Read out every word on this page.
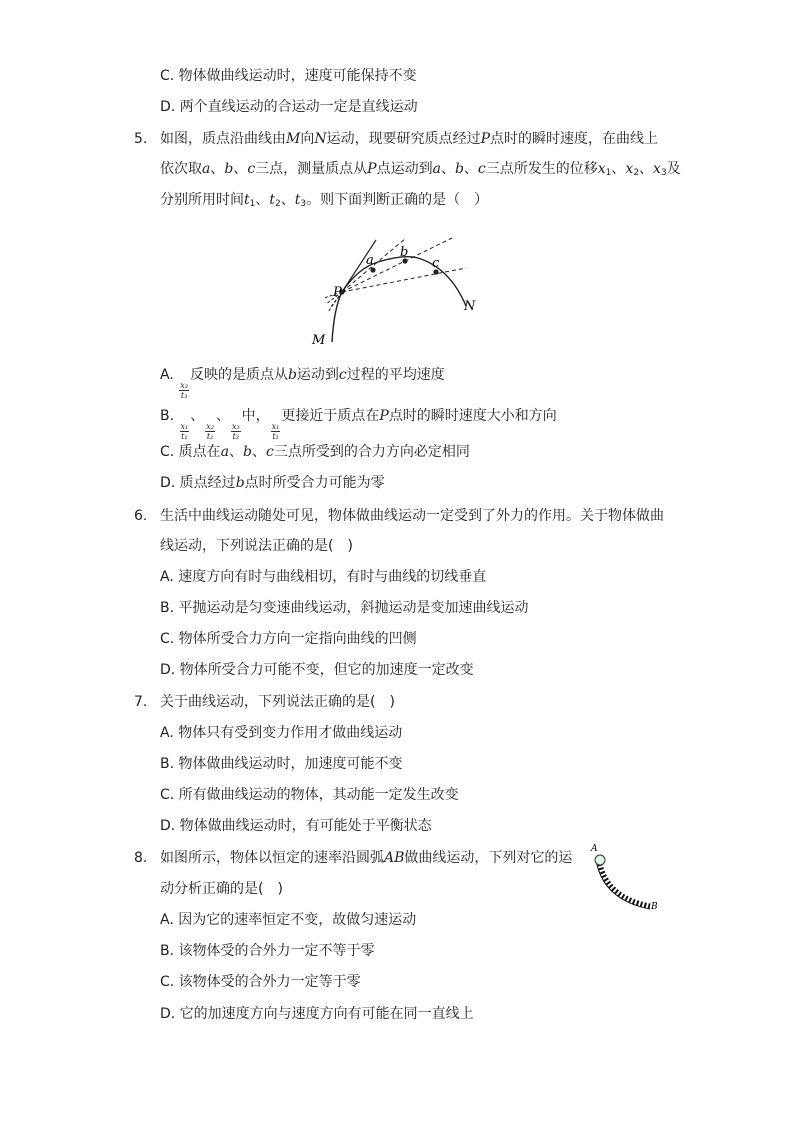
C. 物体做曲线运动时，速度可能保持不变
D. 两个直线运动的合运动一定是直线运动
5. 如图，质点沿曲线由M向N运动，现要研究质点经过P点时的瞬时速度，在曲线上
依次取a、b、c三点，测量质点从P点运动到a、b、c三点所发生的位移$x_1$、$x_2$、$x_3$及
分别所用时间$t_1$、$t_2$、$t_3$。则下面判断正确的是（　）
P
M
N
a
b
c
A.
$\frac{\text{x₃}}{\text{t₃}}$
反映的是质点从b运动到c过程的平均速度
B.
$\frac{\text{x₁}}{\text{t₁}}$
、
$\frac{\text{x₂}}{\text{t₂}}$
、
$\frac{\text{x₃}}{\text{t₃}}$
中，
$\frac{\text{x₁}}{\text{t₁}}$
更接近于质点在P点时的瞬时速度大小和方向
C. 质点在a、b、c三点所受到的合力方向必定相同
D. 质点经过b点时所受合力可能为零
6. 生活中曲线运动随处可见，物体做曲线运动一定受到了外力的作用。关于物体做曲
线运动，下列说法正确的是(　)
A. 速度方向有时与曲线相切，有时与曲线的切线垂直
B. 平抛运动是匀变速曲线运动，斜抛运动是变加速曲线运动
C. 物体所受合力方向一定指向曲线的凹侧
D. 物体所受合力可能不变，但它的加速度一定改变
7. 关于曲线运动，下列说法正确的是(　)
A. 物体只有受到变力作用才做曲线运动
B. 物体做曲线运动时，加速度可能不变
C. 所有做曲线运动的物体，其动能一定发生改变
D. 物体做曲线运动时，有可能处于平衡状态
8. 如图所示，物体以恒定的速率沿圆弧AB做曲线运动，下列对它的运
动分析正确的是(　)
A
B
A. 因为它的速率恒定不变，故做匀速运动
B. 该物体受的合外力一定不等于零
C. 该物体受的合外力一定等于零
D. 它的加速度方向与速度方向有可能在同一直线上
